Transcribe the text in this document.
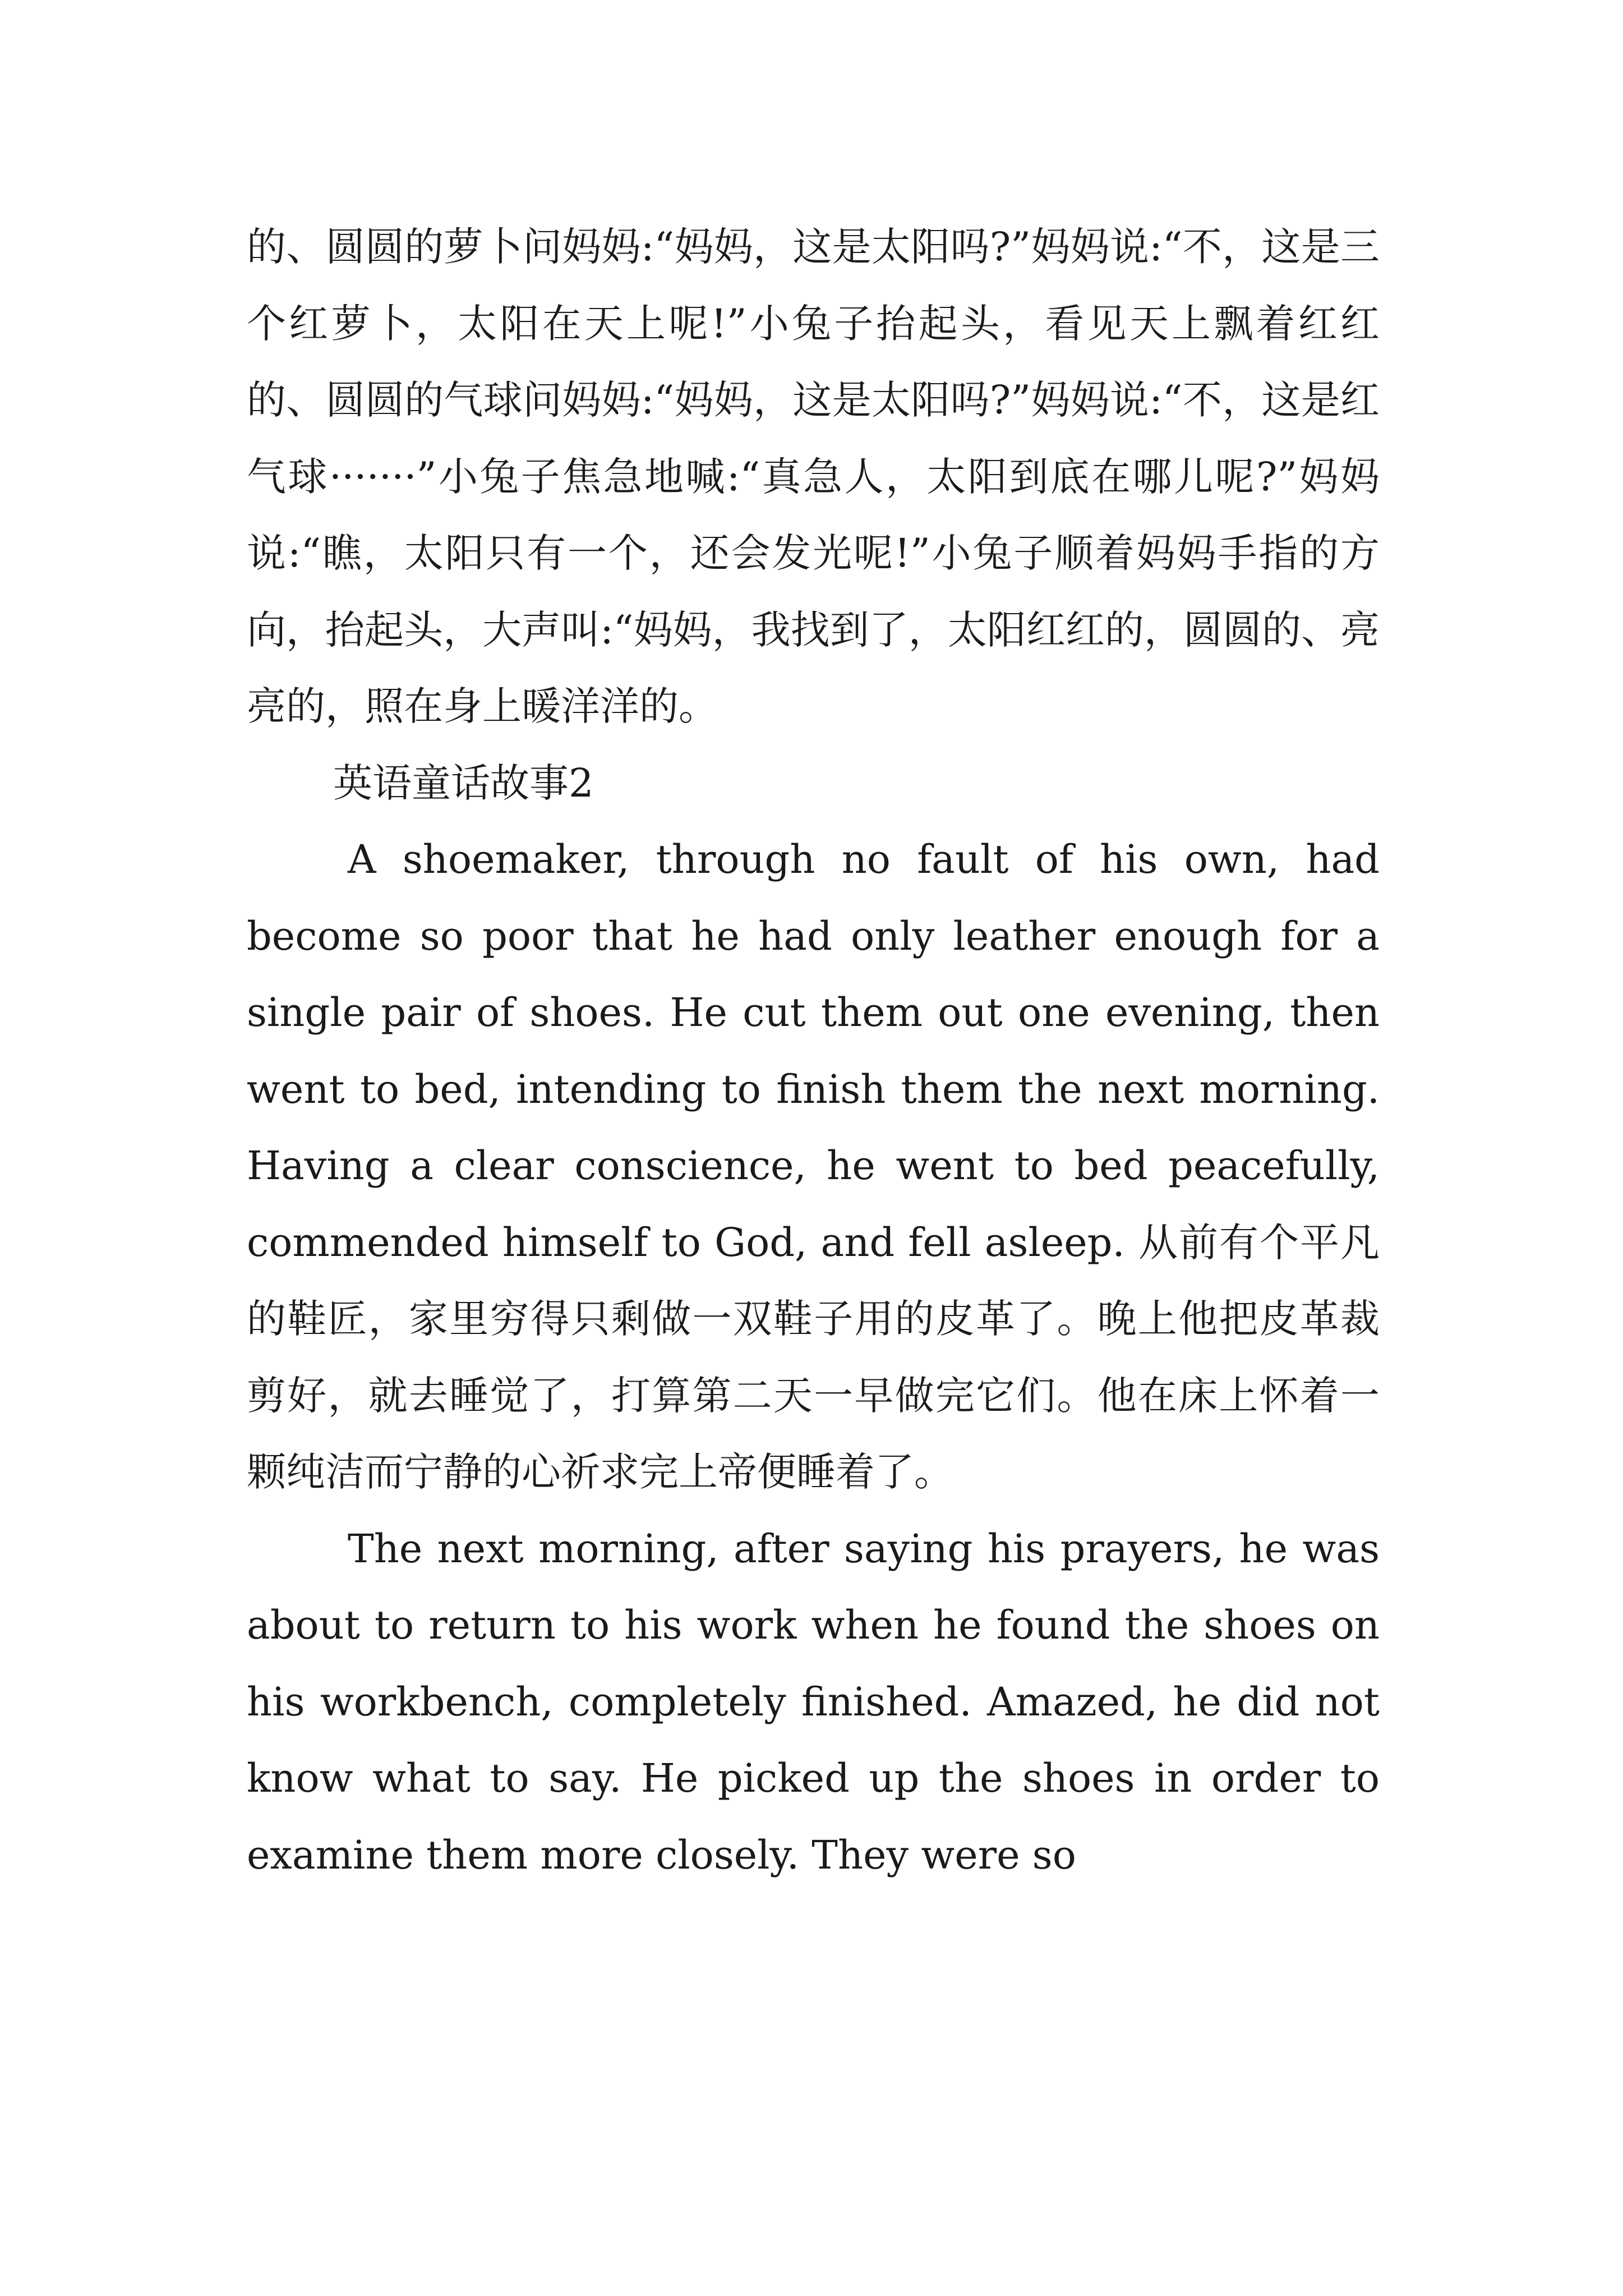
的、圆圆的萝卜问妈妈:“妈妈，这是太阳吗?”妈妈说:“不，这是三个红萝卜，太阳在天上呢!”小兔子抬起头，看见天上飘着红红的、圆圆的气球问妈妈:“妈妈，这是太阳吗?”妈妈说:“不，这是红气球·······”小兔子焦急地喊:“真急人，太阳到底在哪儿呢?”妈妈说:“瞧，太阳只有一个，还会发光呢!”小兔子顺着妈妈手指的方向，抬起头，大声叫:“妈妈，我找到了，太阳红红的，圆圆的、亮亮的，照在身上暖洋洋的。

英语童话故事2

A shoemaker, through no fault of his own, had become so poor that he had only leather enough for a single pair of shoes. He cut them out one evening, then went to bed, intending to finish them the next morning. Having a clear conscience, he went to bed peacefully, commended himself to God, and fell asleep. 从前有个平凡的鞋匠，家里穷得只剩做一双鞋子用的皮革了。晚上他把皮革裁剪好，就去睡觉了，打算第二天一早做完它们。他在床上怀着一颗纯洁而宁静的心祈求完上帝便睡着了。

The next morning, after saying his prayers, he was about to return to his work when he found the shoes on his workbench, completely finished. Amazed, he did not know what to say. He picked up the shoes in order to examine them more closely. They were so
